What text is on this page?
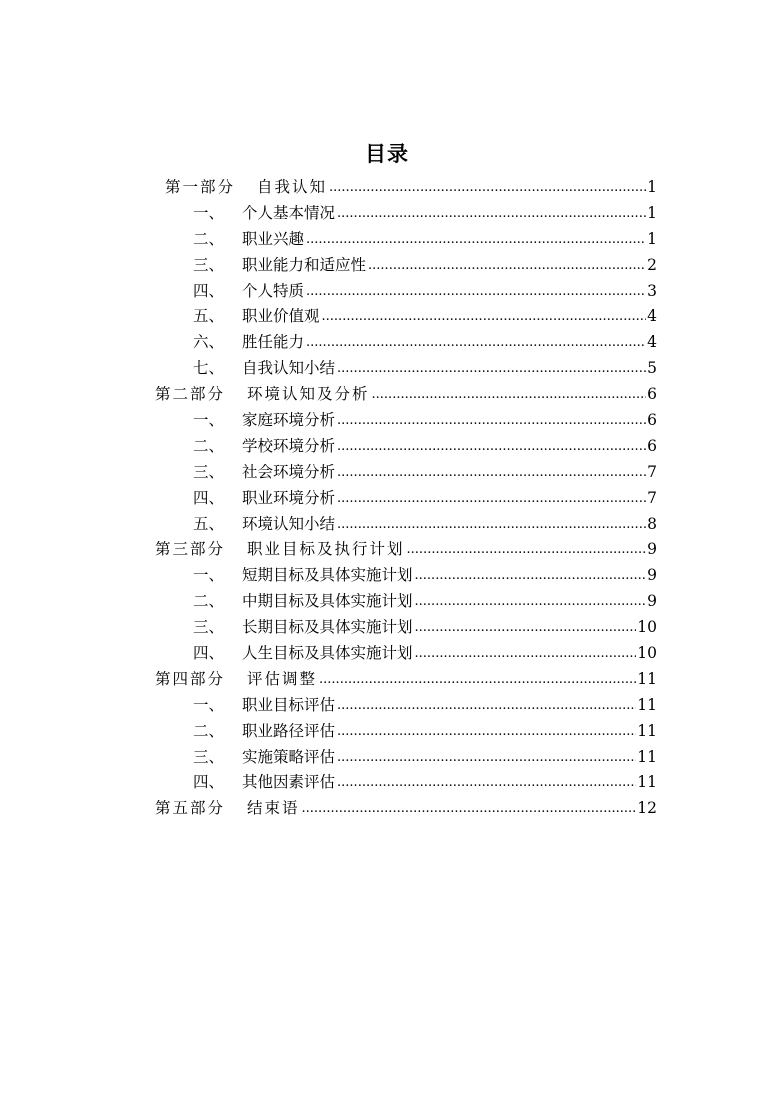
目录
第一部分 自我认知 .....	1
一、 个人基本情况 .....	1
二、 职业兴趣 .....	1
三、 职业能力和适应性 .....	2
四、 个人特质 .....	3
五、 职业价值观 .....	4
六、 胜任能力 .....	4
七、 自我认知小结 .....	5
第二部分 环境认知及分析 .....	6
一、 家庭环境分析 .....	6
二、 学校环境分析 .....	6
三、 社会环境分析 .....	7
四、 职业环境分析 .....	7
五、 环境认知小结 .....	8
第三部分 职业目标及执行计划 .....	9
一、 短期目标及具体实施计划 .....	9
二、 中期目标及具体实施计划 .....	9
三、 长期目标及具体实施计划 .....	10
四、 人生目标及具体实施计划 .....	10
第四部分 评估调整 .....	11
一、 职业目标评估 .....	11
二、 职业路径评估 .....	11
三、 实施策略评估 .....	11
四、 其他因素评估 .....	11
第五部分 结束语 .....	12
